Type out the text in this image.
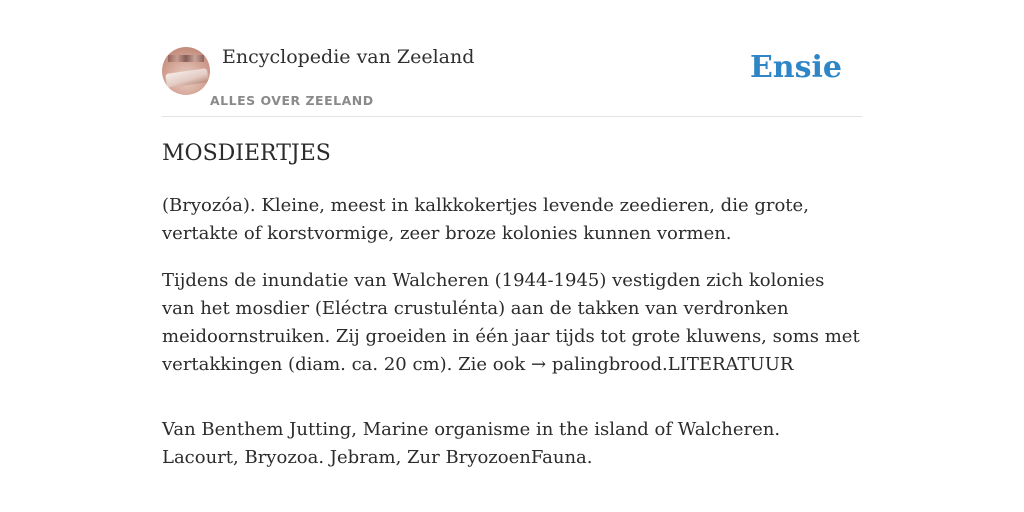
Encyclopedie van Zeeland
ALLES OVER ZEELAND
Ensie
MOSDIERTJES

(Bryozóa). Kleine, meest in kalkkokertjes levende zeedieren, die grote, vertakte of korstvormige, zeer broze kolonies kunnen vormen.

Tijdens de inundatie van Walcheren (1944-1945) vestigden zich kolonies van het mosdier (Eléctra crustulénta) aan de takken van verdronken meidoornstruiken. Zij groeiden in één jaar tijds tot grote kluwens, soms met vertakkingen (diam. ca. 20 cm). Zie ook → palingbrood.LITERATUUR

Van Benthem Jutting, Marine organisme in the island of Walcheren. Lacourt, Bryozoa. Jebram, Zur BryozoenFauna.
